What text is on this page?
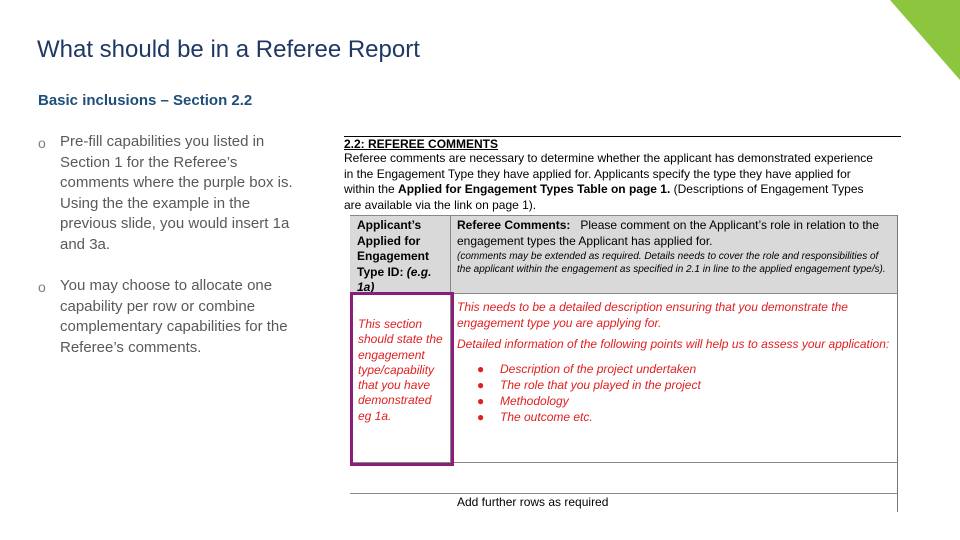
What should be in a Referee Report
Basic inclusions – Section 2.2
o Pre-fill capabilities you listed in Section 1 for the Referee’s comments where the purple box is. Using the the example in the previous slide, you would insert 1a and 3a.
o You may choose to allocate one capability per row or combine complementary capabilities for the Referee’s comments.
2.2: REFEREE COMMENTS
Referee comments are necessary to determine whether the applicant has demonstrated experience in the Engagement Type they have applied for. Applicants specify the type they have applied for within the Applied for Engagement Types Table on page 1. (Descriptions of Engagement Types are available via the link on page 1).
Applicant’s Applied for Engagement Type ID: (e.g. 1a)
Referee Comments: Please comment on the Applicant’s role in relation to the engagement types the Applicant has applied for.
(comments may be extended as required. Details needs to cover the role and responsibilities of the applicant within the engagement as specified in 2.1 in line to the applied engagement type/s).
This section should state the engagement type/capability that you have demonstrated eg 1a.

This needs to be a detailed description ensuring that you demonstrate the engagement type you are applying for.

Detailed information of the following points will help us to assess your application:

● Description of the project undertaken
● The role that you played in the project
● Methodology
● The outcome etc.
Add further rows as required
